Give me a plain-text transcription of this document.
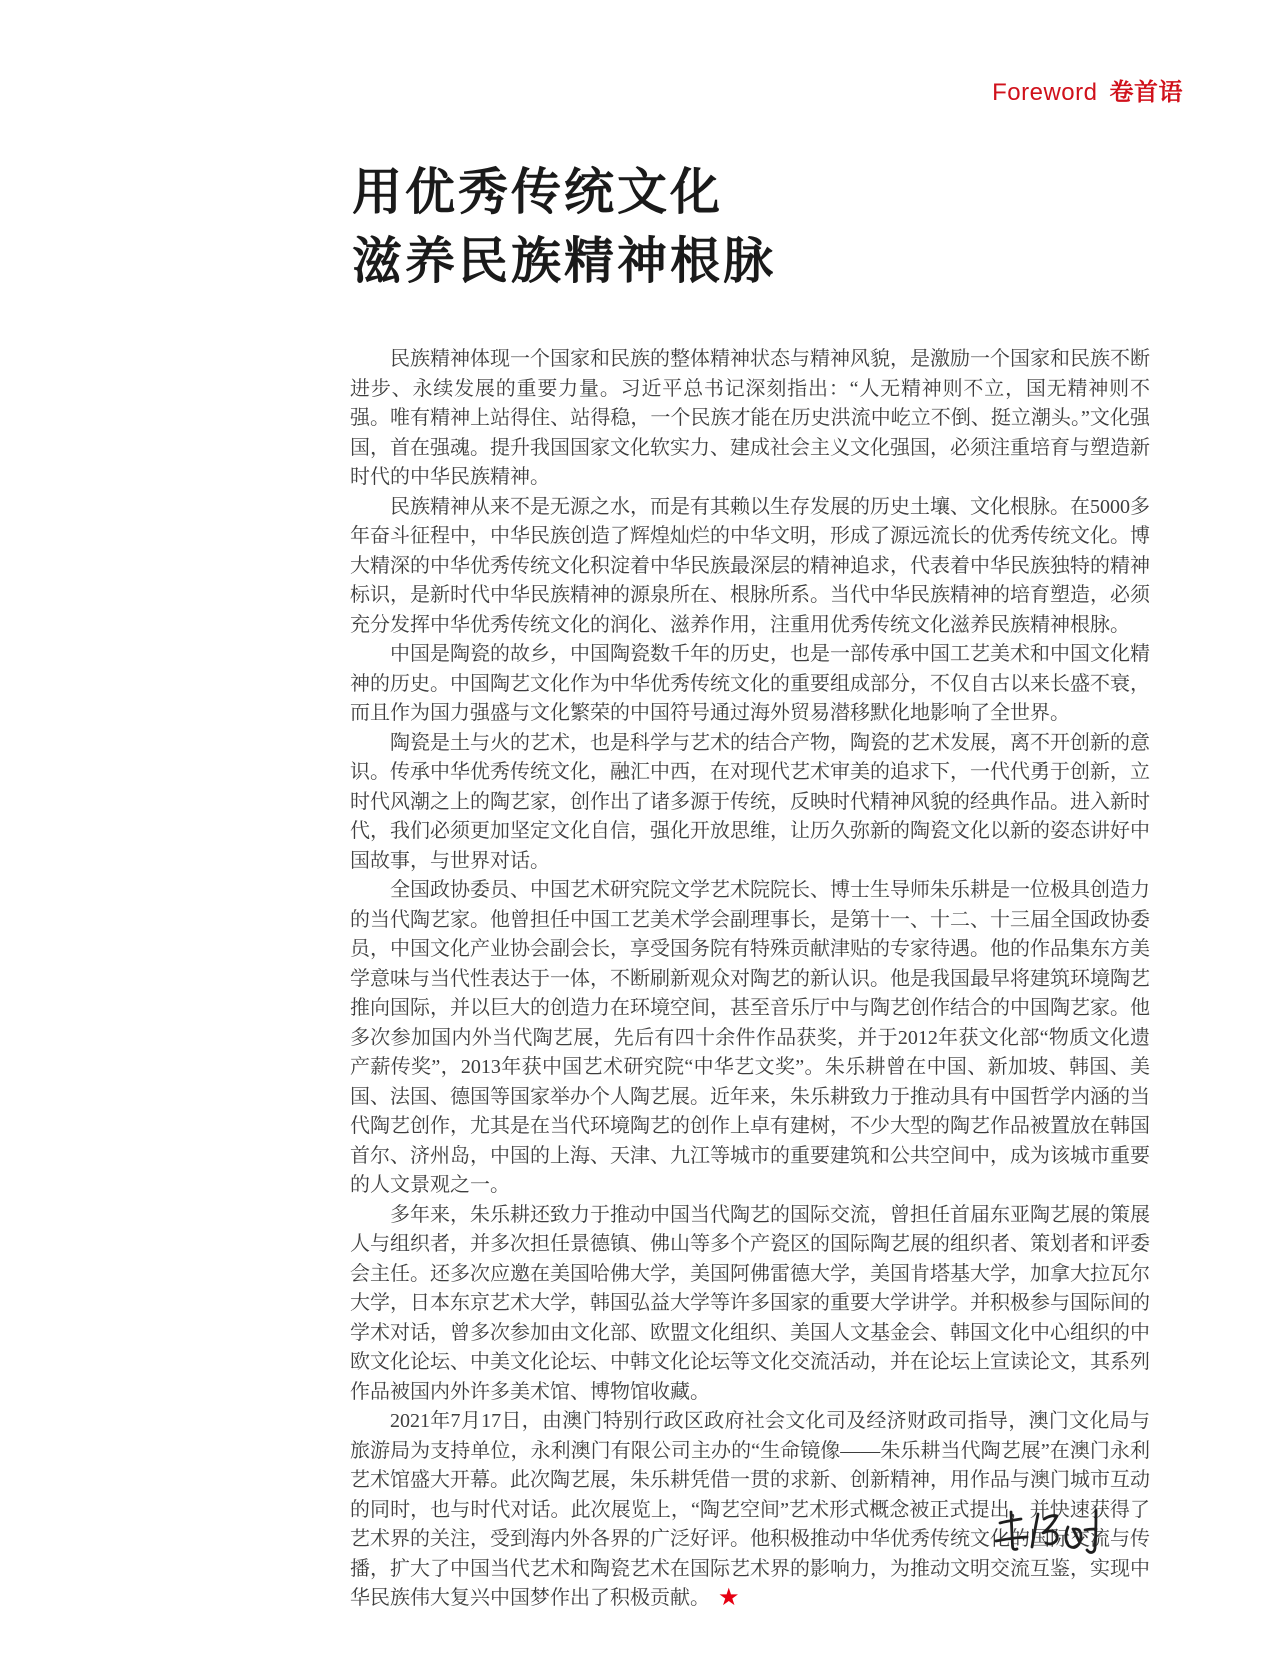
Foreword 卷首语
用优秀传统文化
滋养民族精神根脉

民族精神体现一个国家和民族的整体精神状态与精神风貌，是激励一个国家和民族不断进步、永续发展的重要力量。习近平总书记深刻指出：“人无精神则不立，国无精神则不强。唯有精神上站得住、站得稳，一个民族才能在历史洪流中屹立不倒、挺立潮头。”文化强国，首在强魂。提升我国国家文化软实力、建成社会主义文化强国，必须注重培育与塑造新时代的中华民族精神。

民族精神从来不是无源之水，而是有其赖以生存发展的历史土壤、文化根脉。在5000多年奋斗征程中，中华民族创造了辉煌灿烂的中华文明，形成了源远流长的优秀传统文化。博大精深的中华优秀传统文化积淀着中华民族最深层的精神追求，代表着中华民族独特的精神标识，是新时代中华民族精神的源泉所在、根脉所系。当代中华民族精神的培育塑造，必须充分发挥中华优秀传统文化的润化、滋养作用，注重用优秀传统文化滋养民族精神根脉。

中国是陶瓷的故乡，中国陶瓷数千年的历史，也是一部传承中国工艺美术和中国文化精神的历史。中国陶艺文化作为中华优秀传统文化的重要组成部分，不仅自古以来长盛不衰，而且作为国力强盛与文化繁荣的中国符号通过海外贸易潜移默化地影响了全世界。

陶瓷是土与火的艺术，也是科学与艺术的结合产物，陶瓷的艺术发展，离不开创新的意识。传承中华优秀传统文化，融汇中西，在对现代艺术审美的追求下，一代代勇于创新，立时代风潮之上的陶艺家，创作出了诸多源于传统，反映时代精神风貌的经典作品。进入新时代，我们必须更加坚定文化自信，强化开放思维，让历久弥新的陶瓷文化以新的姿态讲好中国故事，与世界对话。

全国政协委员、中国艺术研究院文学艺术院院长、博士生导师朱乐耕是一位极具创造力的当代陶艺家。他曾担任中国工艺美术学会副理事长，是第十一、十二、十三届全国政协委员，中国文化产业协会副会长，享受国务院有特殊贡献津贴的专家待遇。他的作品集东方美学意味与当代性表达于一体，不断刷新观众对陶艺的新认识。他是我国最早将建筑环境陶艺推向国际，并以巨大的创造力在环境空间，甚至音乐厅中与陶艺创作结合的中国陶艺家。他多次参加国内外当代陶艺展，先后有四十余件作品获奖，并于2012年获文化部“物质文化遗产薪传奖”，2013年获中国艺术研究院“中华艺文奖”。朱乐耕曾在中国、新加坡、韩国、美国、法国、德国等国家举办个人陶艺展。近年来，朱乐耕致力于推动具有中国哲学内涵的当代陶艺创作，尤其是在当代环境陶艺的创作上卓有建树，不少大型的陶艺作品被置放在韩国首尔、济州岛，中国的上海、天津、九江等城市的重要建筑和公共空间中，成为该城市重要的人文景观之一。

多年来，朱乐耕还致力于推动中国当代陶艺的国际交流，曾担任首届东亚陶艺展的策展人与组织者，并多次担任景德镇、佛山等多个产瓷区的国际陶艺展的组织者、策划者和评委会主任。还多次应邀在美国哈佛大学，美国阿佛雷德大学，美国肯塔基大学，加拿大拉瓦尔大学，日本东京艺术大学，韩国弘益大学等许多国家的重要大学讲学。并积极参与国际间的学术对话，曾多次参加由文化部、欧盟文化组织、美国人文基金会、韩国文化中心组织的中欧文化论坛、中美文化论坛、中韩文化论坛等文化交流活动，并在论坛上宣读论文，其系列作品被国内外许多美术馆、博物馆收藏。

2021年7月17日，由澳门特别行政区政府社会文化司及经济财政司指导，澳门文化局与旅游局为支持单位，永利澳门有限公司主办的“生命镜像——朱乐耕当代陶艺展”在澳门永利艺术馆盛大开幕。此次陶艺展，朱乐耕凭借一贯的求新、创新精神，用作品与澳门城市互动的同时，也与时代对话。此次展览上，“陶艺空间”艺术形式概念被正式提出，并快速获得了艺术界的关注，受到海内外各界的广泛好评。他积极推动中华优秀传统文化的国际交流与传播，扩大了中国当代艺术和陶瓷艺术在国际艺术界的影响力，为推动文明交流互鉴，实现中华民族伟大复兴中国梦作出了积极贡献。 ★
